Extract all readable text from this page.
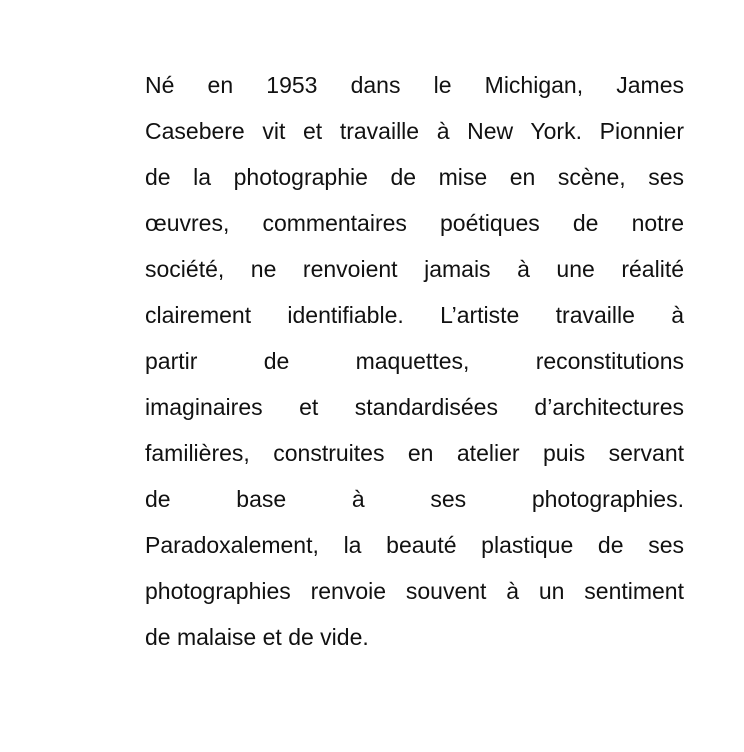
Né en 1953 dans le Michigan, James
Casebere vit et travaille à New York. Pionnier
de la photographie de mise en scène, ses
œuvres, commentaires poétiques de notre
société, ne renvoient jamais à une réalité
clairement identifiable. L’artiste travaille à
partir de maquettes, reconstitutions
imaginaires et standardisées d’architectures
familières, construites en atelier puis servant
de base à ses photographies.
Paradoxalement, la beauté plastique de ses
photographies renvoie souvent à un sentiment
de malaise et de vide.
